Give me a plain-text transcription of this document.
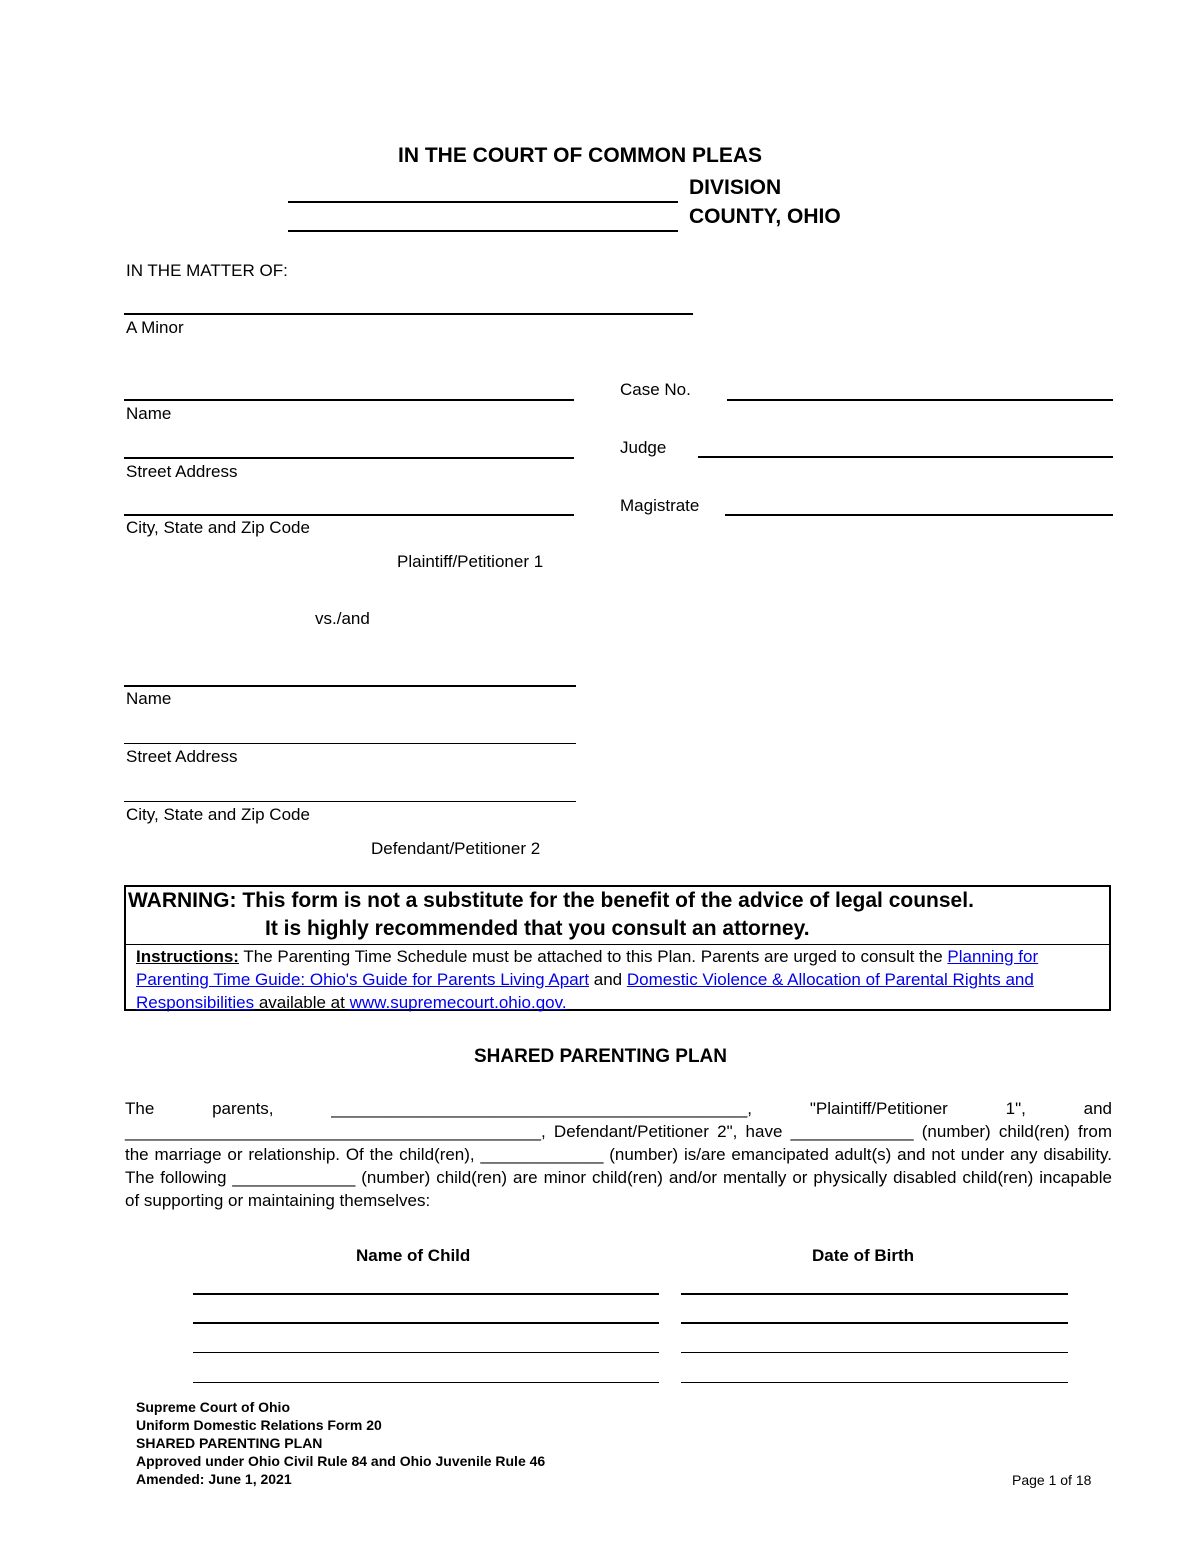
IN THE COURT OF COMMON PLEAS
DIVISION
COUNTY, OHIO
IN THE MATTER OF:
A Minor
Name
Street Address
City, State and Zip Code
Plaintiff/Petitioner 1
vs./and
Name
Street Address
City, State and Zip Code
Defendant/Petitioner 2
Case No.
Judge
Magistrate
WARNING: This form is not a substitute for the benefit of the advice of legal counsel.
It is highly recommended that you consult an attorney.
Instructions: The Parenting Time Schedule must be attached to this Plan. Parents are urged to consult the Planning for Parenting Time Guide: Ohio's Guide for Parents Living Apart and Domestic Violence & Allocation of Parental Rights and Responsibilities available at www.supremecourt.ohio.gov.
SHARED PARENTING PLAN
The parents, ____________________________________________, "Plaintiff/Petitioner 1", and ____________________________________________, Defendant/Petitioner 2", have _____________ (number) child(ren) from the marriage or relationship. Of the child(ren), _____________ (number) is/are emancipated adult(s) and not under any disability. The following _____________ (number) child(ren) are minor child(ren) and/or mentally or physically disabled child(ren) incapable of supporting or maintaining themselves:
Name of Child	Date of Birth
Supreme Court of Ohio
Uniform Domestic Relations Form 20
SHARED PARENTING PLAN
Approved under Ohio Civil Rule 84 and Ohio Juvenile Rule 46
Amended: June 1, 2021	Page 1 of 18
